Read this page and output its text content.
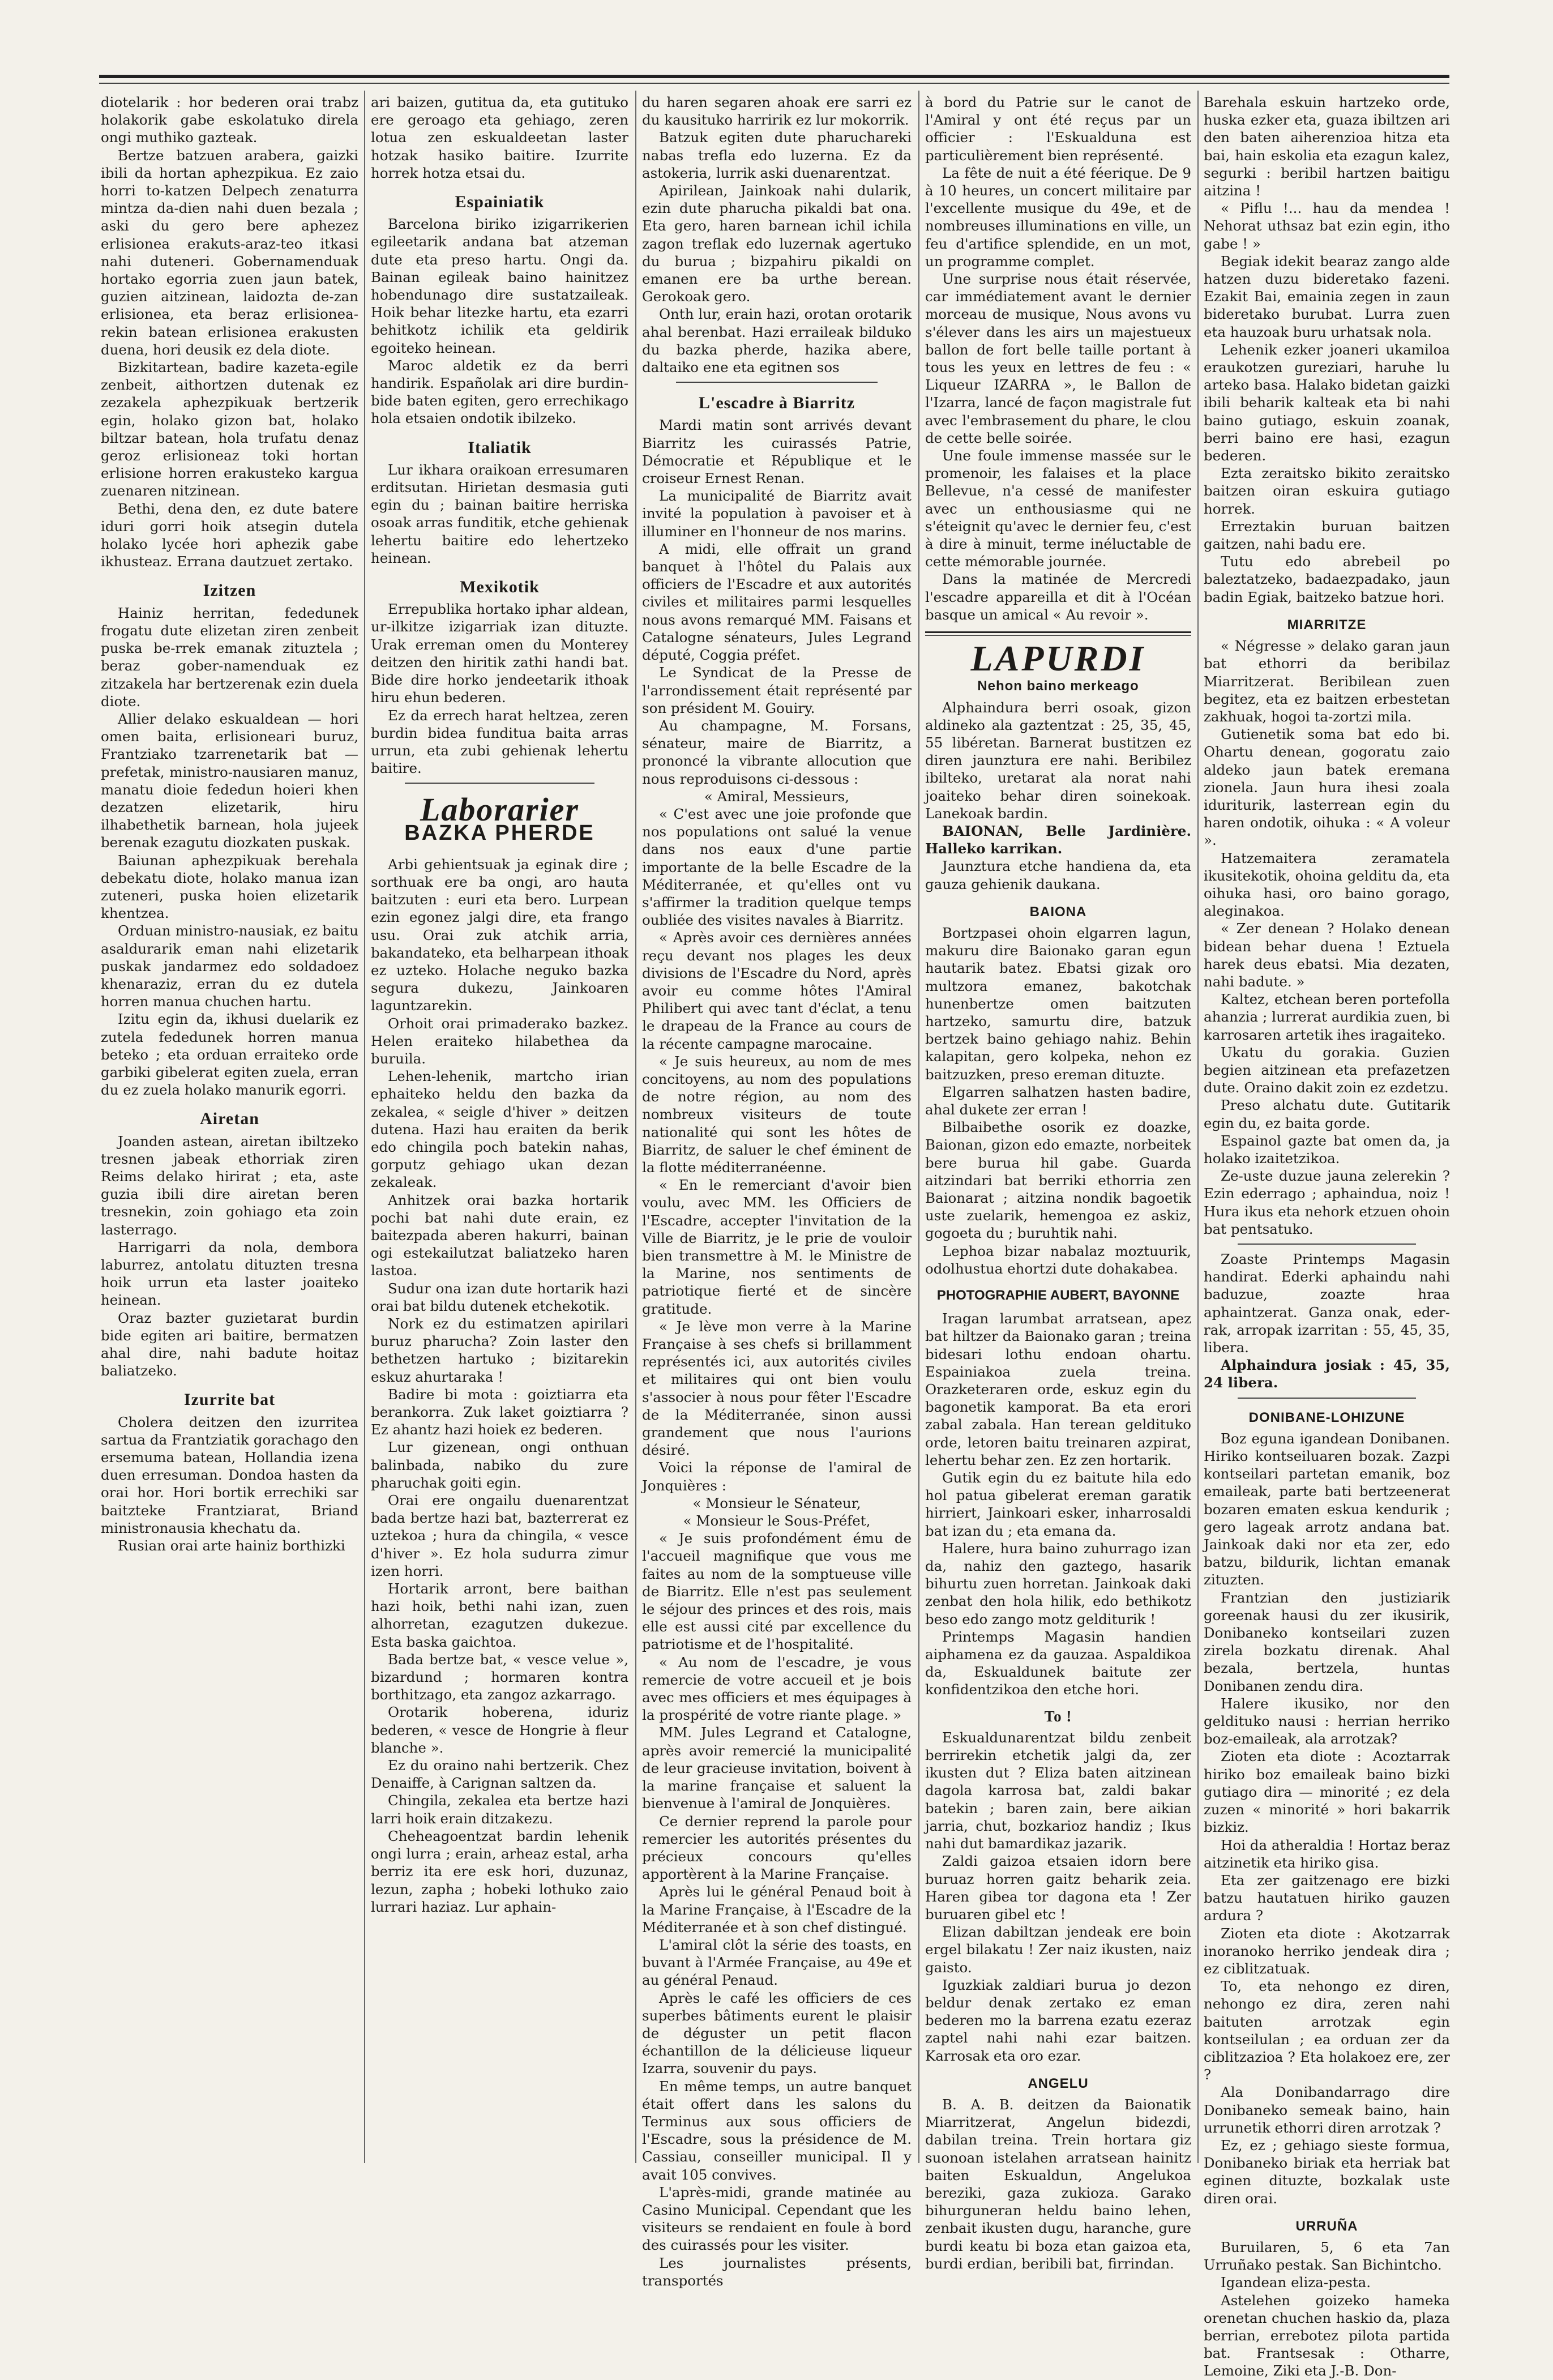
diotelarik : hor bederen orai trabz holakorik gabe eskolatuko direla ongi muthiko gazteak.

Bertze batzuen arabera, gaizki ibili da hortan aphezpikua. Ez zaio horri to-katzen Delpech zenaturra mintza da-dien nahi duen bezala ; aski du gero bere aphezez erlisionea erakuts-araz-teo itkasi nahi duteneri. Gobernamenduak hortako egorria zuen jaun batek, guzien aitzinean, laidozta de-zan erlisionea, eta beraz erlisionea-rekin batean erlisionea erakusten duena, hori deusik ez dela diote.

Bizkitartean, badire kazeta-egile zenbeit, aithortzen dutenak ez zezakela aphezpikuak bertzerik egin, holako gizon bat, holako biltzar batean, hola trufatu denaz geroz erlisioneaz toki hortan erlisione horren erakusteko kargua zuenaren nitzinean.

Bethi, dena den, ez dute batere iduri gorri hoik atsegin dutela holako lycée hori aphezik gabe ikhusteaz. Errana dautzuet zertako.

Izitzen

Hainiz herritan, fededunek frogatu dute elizetan ziren zenbeit puska be-rrek emanak zituztela ; beraz gober-namenduak ez zitzakela har bertzerenak ezin duela diote.

Allier delako eskualdean — hori omen baita, erlisioneari buruz, Frantziako tzarrenetarik bat — prefetak, ministro-nausiaren manuz, manatu dioie fededun hoieri khen dezatzen elizetarik, hiru ilhabethetik barnean, hola jujeek berenak ezagutu diozkaten puskak.

Baiunan aphezpikuak berehala debekatu diote, holako manua izan zuteneri, puska hoien elizetarik khentzea.

Orduan ministro-nausiak, ez baitu asaldurarik eman nahi elizetarik puskak jandarmez edo soldadoez khenaraziz, erran du ez dutela horren manua chuchen hartu.

Izitu egin da, ikhusi duelarik ez zutela fededunek horren manua beteko ; eta orduan erraiteko orde garbiki gibelerat egiten zuela, erran du ez zuela holako manurik egorri.

Airetan

Joanden astean, airetan ibiltzeko tresnen jabeak ethorriak ziren Reims delako hirirat ; eta, aste guzia ibili dire airetan beren tresnekin, zoin gohiago eta zoin lasterrago.

Harrigarri da nola, dembora laburrez, antolatu dituzten tresna hoik urrun eta laster joaiteko heinean.

Oraz bazter guzietarat burdin bide egiten ari baitire, bermatzen ahal dire, nahi badute hoitaz baliatzeko.

Izurrite bat

Cholera deitzen den izurritea sartua da Frantziatik gorachago den ersemuma batean, Hollandia izena duen erresuman. Dondoa hasten da orai hor. Hori bortik errechiki sar baitzteke Frantziarat, Briand ministronausia khechatu da.

Rusian orai arte hainiz borthizki

ari baizen, gutitua da, eta gutituko ere geroago eta gehiago, zeren lotua zen eskualdeetan laster hotzak hasiko baitire. Izurrite horrek hotza etsai du.

Espainiatik

Barcelona biriko izigarrikerien egileetarik andana bat atzeman dute eta preso hartu. Ongi da. Bainan egileak baino hainitzez hobendunago dire sustatzaileak. Hoik behar litezke hartu, eta ezarri behitkotz ichilik eta geldirik egoiteko heinean.

Maroc aldetik ez da berri handirik. Españolak ari dire burdin-bide baten egiten, gero errechikago hola etsaien ondotik ibilzeko.

Italiatik

Lur ikhara oraikoan erresumaren erditsutan. Hirietan desmasia guti egin du ; bainan baitire herriska osoak arras funditik, etche gehienak lehertu baitire edo lehertzeko heinean.

Mexikotik

Errepublika hortako iphar aldean, ur-ilkitze izigarriak izan dituzte. Urak erreman omen du Monterey deitzen den hiritik zathi handi bat. Bide dire horko jendeetarik ithoak hiru ehun bederen.

Ez da errech harat heltzea, zeren burdin bidea funditua baita arras urrun, eta zubi gehienak lehertu baitire.

Laborarier
BAZKA PHERDE

Arbi gehientsuak ja eginak dire ; sorthuak ere ba ongi, aro hauta baitzuten : euri eta bero. Lurpean ezin egonez jalgi dire, eta frango usu. Orai zuk atchik arria, bakandateko, eta belharpean ithoak ez uzteko. Holache neguko bazka segura dukezu, Jainkoaren laguntzarekin.

Orhoit orai primaderako bazkez. Helen eraiteko hilabethea da buruila.

Lehen-lehenik, martcho irian ephaiteko heldu den bazka da zekalea, « seigle d'hiver » deitzen dutena. Hazi hau eraiten da berik edo chingila poch batekin nahas, gorputz gehiago ukan dezan zekaleak.

Anhitzek orai bazka hortarik pochi bat nahi dute erain, ez baitezpada aberen hakurri, bainan ogi estekailutzat baliatzeko haren lastoa.

Sudur ona izan dute hortarik hazi orai bat bildu dutenek etchekotik.

Nork ez du estimatzen apirilari buruz pharucha? Zoin laster den bethetzen hartuko ; bizitarekin eskuz ahurtaraka !

Badire bi mota : goiztiarra eta berankorra. Zuk laket goiztiarra ? Ez ahantz hazi hoiek ez bederen.

Lur gizenean, ongi onthuan balinbada, nabiko du zure pharuchak goiti egin.

Orai ere ongailu duenarentzat bada bertze hazi bat, bazterrerat ez uztekoa ; hura da chingila, « vesce d'hiver ». Ez hola sudurra zimur izen horri.

Hortarik arront, bere baithan hazi hoik, bethi nahi izan, zuen alhorretan, ezagutzen dukezue. Esta baska gaichtoa.

Bada bertze bat, « vesce velue », bizardund ; hormaren kontra borthitzago, eta zangoz azkarrago.

Orotarik hoberena, iduriz bederen, « vesce de Hongrie à fleur blanche ».

Ez du oraino nahi bertzerik. Chez Denaiffe, à Carignan saltzen da.

Chingila, zekalea eta bertze hazi larri hoik erain ditzakezu.

Cheheagoentzat bardin lehenik ongi lurra ; erain, arheaz estal, arha berriz ita ere esk hori, duzunaz, lezun, zapha ; hobeki lothuko zaio lurrari haziaz. Lur aphain-

du haren segaren ahoak ere sarri ez du kausituko harririk ez lur mokorrik.

Batzuk egiten dute pharuchareki nabas trefla edo luzerna. Ez da astokeria, lurrik aski duenarentzat.

Apirilean, Jainkoak nahi dularik, ezin dute pharucha pikaldi bat ona. Eta gero, haren barnean ichil ichila zagon treflak edo luzernak agertuko du burua ; bizpahiru pikaldi on emanen ere ba urthe berean. Gerokoak gero.

Onth lur, erain hazi, orotan orotarik ahal berenbat. Hazi erraileak bilduko du bazka pherde, hazika abere, daltaiko ene eta egitnen sos

L'escadre à Biarritz

Mardi matin sont arrivés devant Biarritz les cuirassés Patrie, Démocratie et République et le croiseur Ernest Renan.

La municipalité de Biarritz avait invité la population à pavoiser et à illuminer en l'honneur de nos marins.

A midi, elle offrait un grand banquet à l'hôtel du Palais aux officiers de l'Escadre et aux autorités civiles et militaires parmi lesquelles nous avons remarqué MM. Faisans et Catalogne sénateurs, Jules Legrand député, Coggia préfet.

Le Syndicat de la Presse de l'arrondissement était représenté par son président M. Gouiry.

Au champagne, M. Forsans, sénateur, maire de Biarritz, a prononcé la vibrante allocution que nous reproduisons ci-dessous :

« Amiral, Messieurs,

« C'est avec une joie profonde que nos populations ont salué la venue dans nos eaux d'une partie importante de la belle Escadre de la Méditerranée, et qu'elles ont vu s'affirmer la tradition quelque temps oubliée des visites navales à Biarritz.

« Après avoir ces dernières années reçu devant nos plages les deux divisions de l'Escadre du Nord, après avoir eu comme hôtes l'Amiral Philibert qui avec tant d'éclat, a tenu le drapeau de la France au cours de la récente campagne marocaine.

« Je suis heureux, au nom de mes concitoyens, au nom des populations de notre région, au nom des nombreux visiteurs de toute nationalité qui sont les hôtes de Biarritz, de saluer le chef éminent de la flotte méditerranéenne.

« En le remerciant d'avoir bien voulu, avec MM. les Officiers de l'Escadre, accepter l'invitation de la Ville de Biarritz, je le prie de vouloir bien transmettre à M. le Ministre de la Marine, nos sentiments de patriotique fierté et de sincère gratitude.

« Je lève mon verre à la Marine Française à ses chefs si brillamment représentés ici, aux autorités civiles et militaires qui ont bien voulu s'associer à nous pour fêter l'Escadre de la Méditerranée, sinon aussi grandement que nous l'aurions désiré.

Voici la réponse de l'amiral de Jonquières :

« Monsieur le Sénateur,

« Monsieur le Sous-Préfet,

« Je suis profondément ému de l'accueil magnifique que vous me faites au nom de la somptueuse ville de Biarritz. Elle n'est pas seulement le séjour des princes et des rois, mais elle est aussi cité par excellence du patriotisme et de l'hospitalité.

« Au nom de l'escadre, je vous remercie de votre accueil et je bois avec mes officiers et mes équipages à la prospérité de votre riante plage. »

MM. Jules Legrand et Catalogne, après avoir remercié la municipalité de leur gracieuse invitation, boivent à la marine française et saluent la bienvenue à l'amiral de Jonquières.

Ce dernier reprend la parole pour remercier les autorités présentes du précieux concours qu'elles apportèrent à la Marine Française.

Après lui le général Penaud boit à la Marine Française, à l'Escadre de la Méditerranée et à son chef distingué.

L'amiral clôt la série des toasts, en buvant à l'Armée Française, au 49e et au général Penaud.

Après le café les officiers de ces superbes bâtiments eurent le plaisir de déguster un petit flacon échantillon de la délicieuse liqueur Izarra, souvenir du pays.

En même temps, un autre banquet était offert dans les salons du Terminus aux sous officiers de l'Escadre, sous la présidence de M. Cassiau, conseiller municipal. Il y avait 105 convives.

L'après-midi, grande matinée au Casino Municipal. Cependant que les visiteurs se rendaient en foule à bord des cuirassés pour les visiter.

Les journalistes présents, transportés

à bord du Patrie sur le canot de l'Amiral y ont été reçus par un officier : l'Eskualduna est particulièrement bien représenté.

La fête de nuit a été féerique. De 9 à 10 heures, un concert militaire par l'excellente musique du 49e, et de nombreuses illuminations en ville, un feu d'artifice splendide, en un mot, un programme complet.

Une surprise nous était réservée, car immédiatement avant le dernier morceau de musique, Nous avons vu s'élever dans les airs un majestueux ballon de fort belle taille portant à tous les yeux en lettres de feu : « Liqueur IZARRA », le Ballon de l'Izarra, lancé de façon magistrale fut avec l'embrasement du phare, le clou de cette belle soirée.

Une foule immense massée sur le promenoir, les falaises et la place Bellevue, n'a cessé de manifester avec un enthousiasme qui ne s'éteignit qu'avec le dernier feu, c'est à dire à minuit, terme inéluctable de cette mémorable journée.

Dans la matinée de Mercredi l'escadre appareilla et dit à l'Océan basque un amical « Au revoir ».

LAPURDI
Nehon baino merkeago

Alphaindura berri osoak, gizon aldineko ala gaztentzat : 25, 35, 45, 55 libéretan. Barnerat bustitzen ez diren jaunztura ere nahi. Beribilez ibilteko, uretarat ala norat nahi joaiteko behar diren soinekoak. Lanekoak bardin.

BAIONAN, Belle Jardinière. Halleko karrikan.

Jaunztura etche handienа da, eta gauza gehienik daukana.

BAIONA

Bortzpasei ohoin elgarren lagun, makuru dire Baionako garan egun hautarik batez. Ebatsi gizak oro multzora emanez, bakotchak hunenbertze omen baitzuten hartzeko, samurtu dire, batzuk bertzek baino gehiago nahiz. Behin kalapitan, gero kolpeka, nehon ez baitzuzken, preso ereman dituzte.

Elgarren salhatzen hasten badire, ahal dukete zer erran !

Bilbaibethe osorik ez doazke, Baionan, gizon edo emazte, norbeitek bere burua hil gabe. Guarda aitzindari bat berriki ethorria zen Baionarat ; aitzina nondik bagoetik uste zuelarik, hemengoa ez askiz, gogoeta du ; buruhtik nahi.

Lephoa bizar nabalaz moztuurik, odolhustua ehortzi dute dohakabea.

PHOTOGRAPHIE AUBERT, BAYONNE

Iragan larumbat arratsean, apez bat hiltzer da Baionako garan ; treina bidesari lothu endoan ohartu. Espainiakoa zuela treina. Orazketeraren orde, eskuz egin du bagonetik kamporat. Ba eta erori zabal zabala. Han terean geldituko orde, letoren baitu treinaren azpirat, lehertu behar zen. Ez zen hortarik.

Gutik egin du ez baitute hila edo hol patua gibelerat ereman garatik hirriert, Jainkoari esker, inharrosaldi bat izan du ; eta emana da.

Halere, hura baino zuhurrago izan da, nahiz den gaztego, hasarik bihurtu zuen horretan. Jainkoak daki zenbat den hola hilik, edo bethikotz beso edo zango motz gelditurik !

Printemps Magasin handien aiphamena ez da gauzaa. Aspaldikoa da, Eskualdunek baitute zer konfidentzikoa den etche hori.

To !

Eskualdunarentzat bildu zenbeit berrirekin etchetik jalgi da, zer ikusten dut ? Eliza baten aitzinean dagola karrosa bat, zaldi bakar batekin ; baren zain, bere aikian jarria, chut, bozkarioz handiz ; Ikus nahi dut bamardikaz jazarik.

Zaldi gaizoa etsaien idorn bere buruaz horren gaitz beharik zeia. Haren gibea tor dagona eta ! Zer buruaren gibel etc !

Elizan dabiltzan jendeak ere boin ergel bilakatu ! Zer naiz ikusten, naiz gaisto.

Iguzkiak zaldiari burua jo dezon beldur denak zertako ez eman bederen mo la barrena ezatu ezeraz zaptel nahi nahi ezar baitzen. Karrosak eta oro ezar.

ANGELU

B. A. B. deitzen da Baionatik Miarritzerat, Angelun bidezdi, dabilan treina. Trein hortara giz suonoan istelahen arratsean hainitz baiten Eskualdun, Angelukoa bereziki, gaza zukioza. Garako bihurguneran heldu baino lehen, zenbait ikusten dugu, haranche, gure burdi keatu bi boza etan gaizoa eta, burdi erdian, beribili bat, firrindan.

Barehala eskuin hartzeko orde, huska ezker eta, guaza ibiltzen ari den baten aiherenzioa hitza eta bai, hain eskolia eta ezagun kalez, segurki : beribil hartzen baitigu aitzina !

« Piflu !... hau da mendea ! Nehorat uthsaz bat ezin egin, itho gabe ! »

Begiak idekit bearaz zango alde hatzen duzu bideretako fazeni. Ezakit Bai, emainia zegen in zaun bideretako burubat. Lurra zuen eta hauzoak buru urhatsak nola.

Lehenik ezker joaneri ukamiloa eraukotzen gureziari, haruhe lu arteko basa. Halako bidetan gaizki ibili beharik kalteak eta bi nahi baino gutiago, eskuin zoanak, berri baino ere hasi, ezagun bederen.

Ezta zeraitsko bikito zeraitsko baitzen oiran eskuira gutiago horrek.

Erreztakin buruan baitzen gaitzen, nahi badu ere.

Tutu edo abrebeil po baleztatzeko, badaezpadako, jaun badin Egiak, baitzeko batzue hori.

MIARRITZE

« Négresse » delako garan jaun bat ethorri da beribilaz Miarritzerat. Beribilean zuen begitez, eta ez baitzen erbestetan zakhuak, hogoi ta-zortzi mila.

Gutienetik soma bat edo bi. Ohartu denean, gogoratu zaio aldeko jaun batek eremana zionela. Jaun hura ihesi zoala iduriturik, lasterrean egin du haren ondotik, oihuka : « A voleur ».

Hatzemaitera zeramatela ikusitekotik, ohoina gelditu da, eta oihuka hasi, oro baino gorago, aleginakoa.

« Zer denean ? Holako denean bidean behar duena ! Eztuela harek deus ebatsi. Mia dezaten, nahi badute. »

Kaltez, etchean beren portefolla ahanzia ; lurrerat aurdikia zuen, bi karrosaren artetik ihes iragaiteko.

Ukatu du gorakia. Guzien begien aitzinean eta prefazetzen dute. Oraino dakit zoin ez ezdetzu.

Preso alchatu dute. Gutitarik egin du, ez baita gorde.

Espainol gazte bat omen da, ja holako izaitetzikoa.

Ze-uste duzue jauna zelerekin ? Ezin ederrago ; aphaindua, noiz ! Hura ikus eta nehork etzuen ohoin bat pentsatuko.

Zoaste Printemps Magasin handirat. Ederki aphaindu nahi baduzue, zoazte hraa aphaintzerat. Ganza onak, eder-rak, arropak izarritan : 55, 45, 35, libera.

Alphaindura josiak : 45, 35, 24 libera.

DONIBANE-LOHIZUNE

Boz eguna igandean Donibanen. Hiriko kontseiluaren bozak. Zazpi kontseilari partetan emanik, boz emaileak, parte bati bertzeenerat bozaren ematen eskua kendurik ; gero lageak arrotz andana bat. Jainkoak daki nor eta zer, edo batzu, bildurik, lichtan emanak zituzten.

Frantzian den justiziarik goreenak hausi du zer ikusirik, Donibaneko kontseilari zuzen zirela bozkatu direnak. Ahal bezala, bertzela, huntas Donibanen zendu dira.

Halere ikusiko, nor den geldituko nausi : herrian herriko boz-emaileak, ala arrotzak?

Zioten eta diote : Acoztarrak hiriko boz emaileak baino bizki gutiago dira — minorité ; ez dela zuzen « minorité » hori bakarrik bizkiz.

Hoi da atheraldia ! Hortaz beraz aitzinetik eta hiriko gisa.

Eta zer gaitzenago ere bizki batzu hautatuen hiriko gauzen ardura ?

Zioten eta diote : Akotzarrak inoranoko herriko jendeak dira ; ez ciblitzatuak.

To, eta nehongo ez diren, nehongo ez dira, zeren nahi baituten arrotzak egin kontseilulan ; ea orduan zer da ciblitzazioa ? Eta holakoez ere, zer ?

Ala Donibandarrago dire Donibaneko semeak baino, hain urrunetik ethorri diren arrotzak ?

Ez, ez ; gehiago sieste formua, Donibaneko biriak eta herriak bat eginen dituzte, bozkalak uste diren orai.

URRUÑA

Buruilaren, 5, 6 eta 7an Urruñako pestak. San Bichintcho.

Igandean eliza-pesta.

Astelehen goizeko hameka orenetan chuchen haskio da, plaza berrian, errebotez pilota partida bat. Frantsesak : Otharre, Lemoine, Ziki eta J.-B. Don-
